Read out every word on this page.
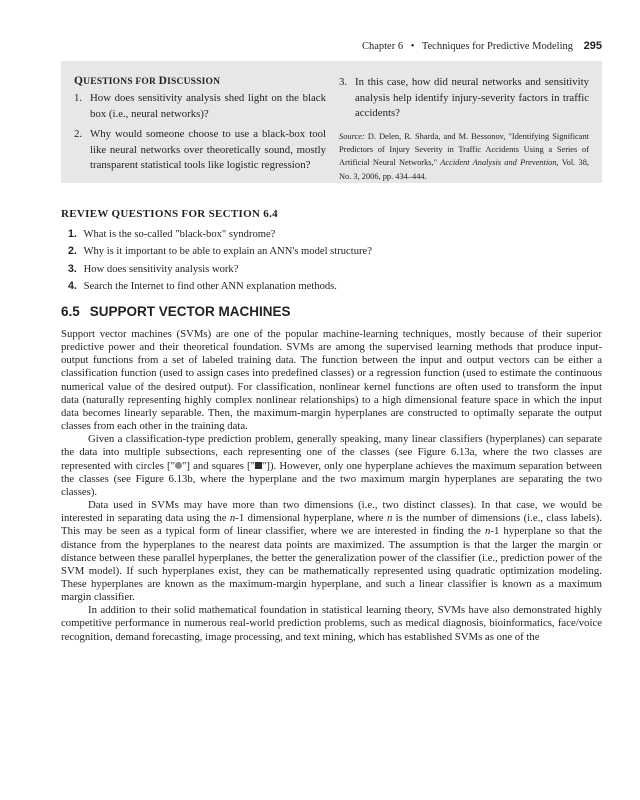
Chapter 6 • Techniques for Predictive Modeling 295
QUESTIONS FOR DISCUSSION
1. How does sensitivity analysis shed light on the black box (i.e., neural networks)?
2. Why would someone choose to use a black-box tool like neural networks over theoretically sound, mostly transparent statistical tools like logistic regression?
3. In this case, how did neural networks and sensitivity analysis help identify injury-severity factors in traffic accidents?
Source: D. Delen, R. Sharda, and M. Bessonov, "Identifying Significant Predictors of Injury Severity in Traffic Accidents Using a Series of Artificial Neural Networks," Accident Analysis and Prevention, Vol. 38, No. 3, 2006, pp. 434–444.
REVIEW QUESTIONS FOR SECTION 6.4
1. What is the so-called "black-box" syndrome?
2. Why is it important to be able to explain an ANN's model structure?
3. How does sensitivity analysis work?
4. Search the Internet to find other ANN explanation methods.
6.5 SUPPORT VECTOR MACHINES

Support vector machines (SVMs) are one of the popular machine-learning techniques, mostly because of their superior predictive power and their theoretical foundation. SVMs are among the supervised learning methods that produce input-output functions from a set of labeled training data. The function between the input and output vectors can be either a classification function (used to assign cases into predefined classes) or a regression function (used to estimate the continuous numerical value of the desired output). For classification, nonlinear kernel functions are often used to transform the input data (naturally representing highly complex nonlinear relationships) to a high dimensional feature space in which the input data becomes linearly separable. Then, the maximum-margin hyperplanes are constructed to optimally separate the output classes from each other in the training data.

Given a classification-type prediction problem, generally speaking, many linear classifiers (hyperplanes) can separate the data into multiple subsections, each representing one of the classes (see Figure 6.13a, where the two classes are represented with circles [" "] and squares [" "]). However, only one hyperplane achieves the maximum separation between the classes (see Figure 6.13b, where the hyperplane and the two maximum margin hyperplanes are separating the two classes).

Data used in SVMs may have more than two dimensions (i.e., two distinct classes). In that case, we would be interested in separating data using the n-1 dimensional hyperplane, where n is the number of dimensions (i.e., class labels). This may be seen as a typical form of linear classifier, where we are interested in finding the n-1 hyperplane so that the distance from the hyperplanes to the nearest data points are maximized. The assumption is that the larger the margin or distance between these parallel hyperplanes, the better the generalization power of the classifier (i.e., prediction power of the SVM model). If such hyperplanes exist, they can be mathematically represented using quadratic optimization modeling. These hyperplanes are known as the maximum-margin hyperplane, and such a linear classifier is known as a maximum margin classifier.

In addition to their solid mathematical foundation in statistical learning theory, SVMs have also demonstrated highly competitive performance in numerous real-world prediction problems, such as medical diagnosis, bioinformatics, face/voice recognition, demand forecasting, image processing, and text mining, which has established SVMs as one of the
